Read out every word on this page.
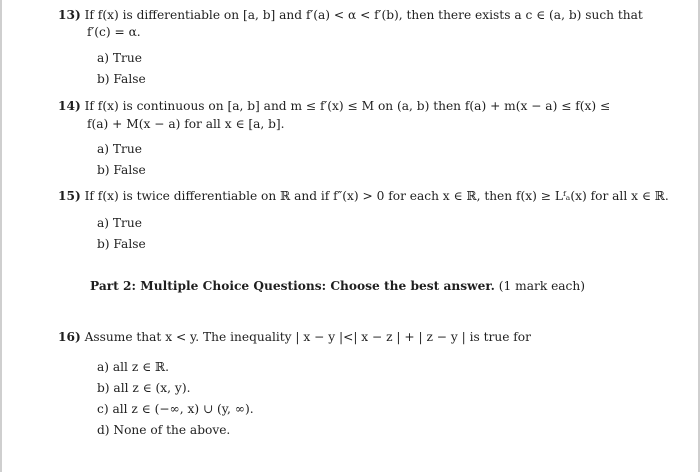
13) If f(x) is differentiable on [a, b] and f′(a) < α < f′(b), then there exists a c ∈ (a, b) such that
f′(c) = α.
a) True
b) False
14) If f(x) is continuous on [a, b] and m ≤ f′(x) ≤ M on (a, b) then f(a) + m(x − a) ≤ f(x) ≤
f(a) + M(x − a) for all x ∈ [a, b].
a) True
b) False
15) If f(x) is twice differentiable on ℝ and if f″(x) > 0 for each x ∈ ℝ, then f(x) ≥ Lᶠₐ(x) for all x ∈ ℝ.
a) True
b) False
Part 2: Multiple Choice Questions: Choose the best answer. (1 mark each)
16) Assume that x < y. The inequality | x − y |<| x − z | + | z − y | is true for
a) all z ∈ ℝ.
b) all z ∈ (x, y).
c) all z ∈ (−∞, x) ∪ (y, ∞).
d) None of the above.
